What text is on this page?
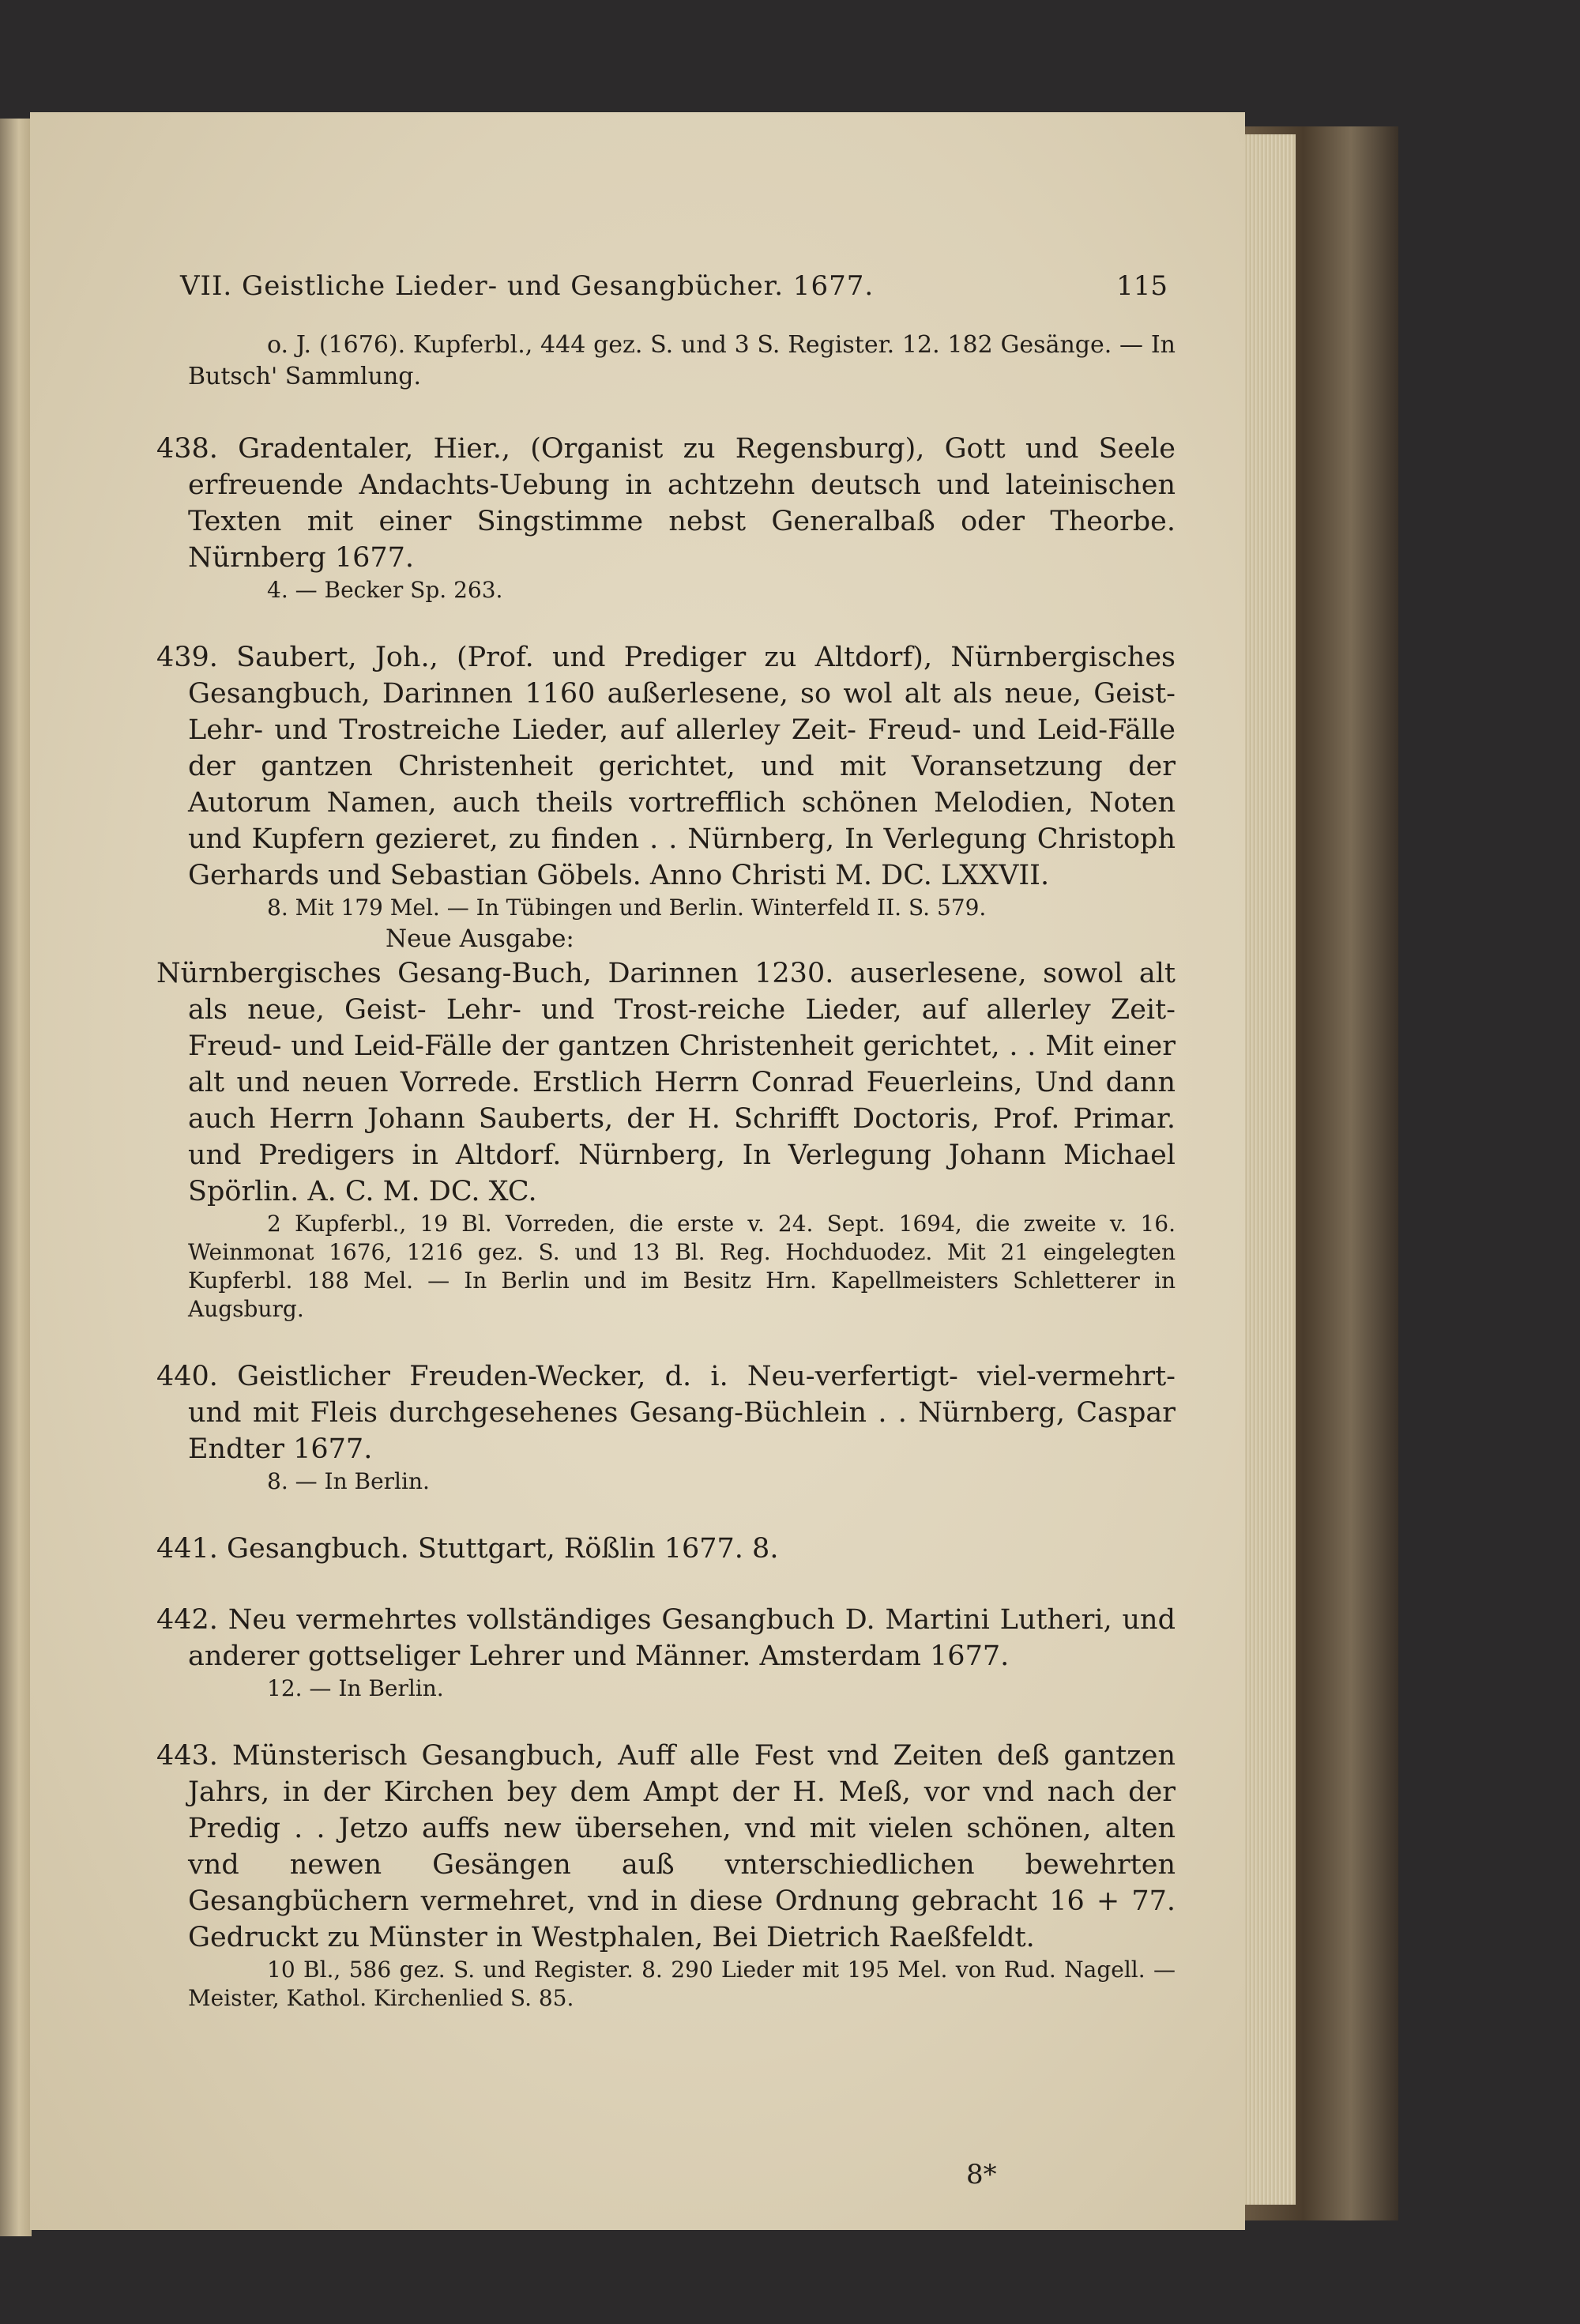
VII. Geistliche Lieder- und Gesangbücher. 1677.	115
o. J. (1676). Kupferbl., 444 gez. S. und 3 S. Register. 12. 182 Gesänge. — In Butsch' Sammlung.
438. Gradentaler, Hier., (Organist zu Regensburg), Gott und Seele erfreuende Andachts-Uebung in achtzehn deutsch und lateinischen Texten mit einer Singstimme nebst Generalbaß oder Theorbe. Nürnberg 1677.
4. — Becker Sp. 263.
439. Saubert, Joh., (Prof. und Prediger zu Altdorf), Nürnbergisches Gesangbuch, Darinnen 1160 außerlesene, so wol alt als neue, Geist-Lehr- und Trostreiche Lieder, auf allerley Zeit- Freud- und Leid-Fälle der gantzen Christenheit gerichtet, und mit Voransetzung der Autorum Namen, auch theils vortrefflich schönen Melodien, Noten und Kupfern gezieret, zu finden . . Nürnberg, In Verlegung Christoph Gerhards und Sebastian Göbels. Anno Christi M. DC. LXXVII.
8. Mit 179 Mel. — In Tübingen und Berlin. Winterfeld II. S. 579.
Neue Ausgabe:
Nürnbergisches Gesang-Buch, Darinnen 1230. auserlesene, sowol alt als neue, Geist- Lehr- und Trost-reiche Lieder, auf allerley Zeit- Freud- und Leid-Fälle der gantzen Christenheit gerichtet, . . Mit einer alt und neuen Vorrede. Erstlich Herrn Conrad Feuerleins, Und dann auch Herrn Johann Sauberts, der H. Schrifft Doctoris, Prof. Primar. und Predigers in Altdorf. Nürnberg, In Verlegung Johann Michael Spörlin. A. C. M. DC. XC.
2 Kupferbl., 19 Bl. Vorreden, die erste v. 24. Sept. 1694, die zweite v. 16. Weinmonat 1676, 1216 gez. S. und 13 Bl. Reg. Hochduodez. Mit 21 eingelegten Kupferbl. 188 Mel. — In Berlin und im Besitz Hrn. Kapellmeisters Schletterer in Augsburg.
440. Geistlicher Freuden-Wecker, d. i. Neu-verfertigt- viel-vermehrt- und mit Fleis durchgesehenes Gesang-Büchlein . . Nürnberg, Caspar Endter 1677.
8. — In Berlin.
441. Gesangbuch. Stuttgart, Rößlin 1677. 8.
442. Neu vermehrtes vollständiges Gesangbuch D. Martini Lutheri, und anderer gottseliger Lehrer und Männer. Amsterdam 1677.
12. — In Berlin.
443. Münsterisch Gesangbuch, Auff alle Fest vnd Zeiten deß gantzen Jahrs, in der Kirchen bey dem Ampt der H. Meß, vor vnd nach der Predig . . Jetzo auffs new übersehen, vnd mit vielen schönen, alten vnd newen Gesängen auß vnterschiedlichen bewehrten Gesangbüchern vermehret, vnd in diese Ordnung gebracht 16 + 77. Gedruckt zu Münster in Westphalen, Bei Dietrich Raeßfeldt.
10 Bl., 586 gez. S. und Register. 8. 290 Lieder mit 195 Mel. von Rud. Nagell. — Meister, Kathol. Kirchenlied S. 85.
8*
